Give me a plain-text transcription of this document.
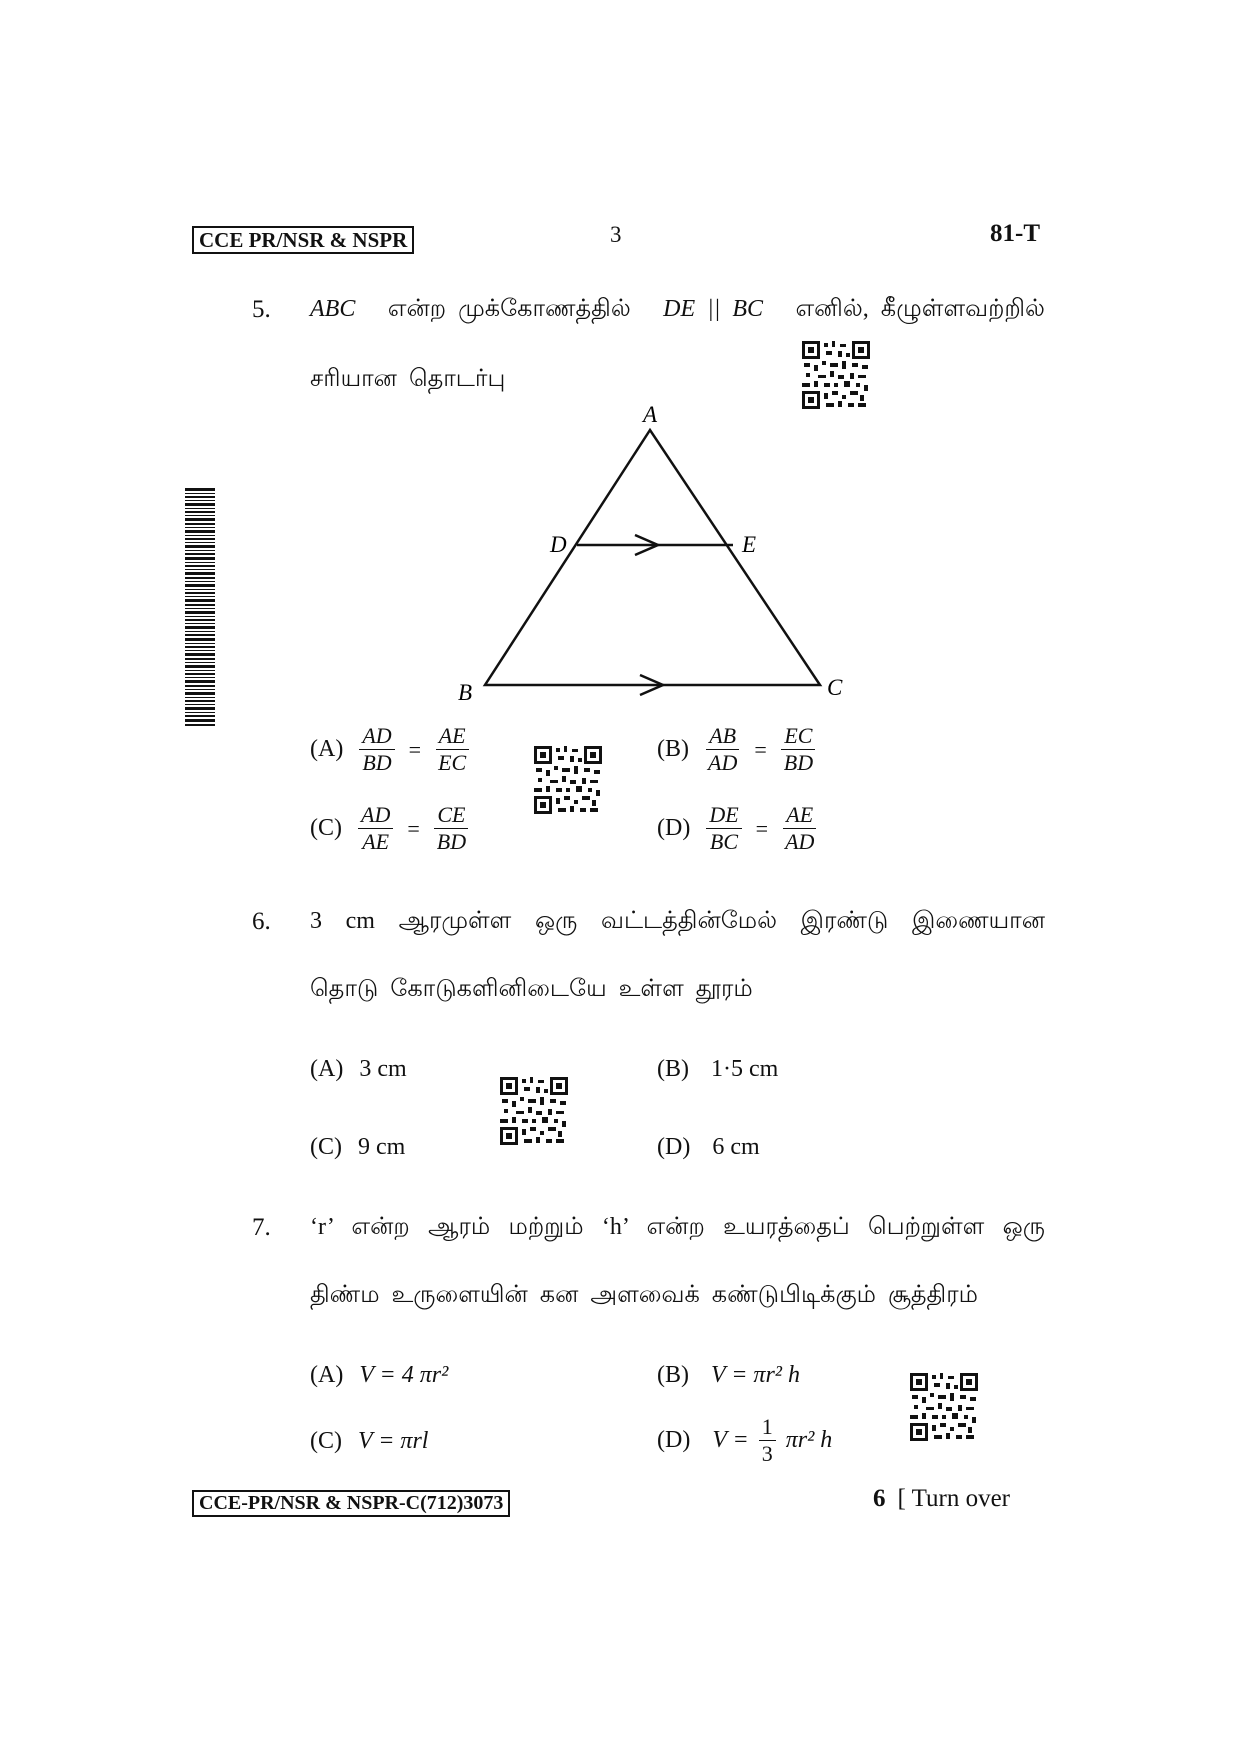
CCE PR/NSR & NSPR	3	81-T
5. ABC என்ற முக்கோணத்தில் DE || BC எனில், கீழுள்ளவற்றில்
சரியான தொடர்பு
A
D	E
B	C
$(A) \frac{AD}{BD} = \frac{AE}{EC}$	$(B) \frac{AB}{AD} = \frac{EC}{BD}$
$(C) \frac{AD}{AE} = \frac{CE}{BD}$	$(D) \frac{DE}{BC} = \frac{AE}{AD}$
6. 3 cm ஆரமுள்ள ஒரு வட்டத்தின்மேல் இரண்டு இணையான
தொடு கோடுகளினிடையே உள்ள தூரம்
(A) 3 cm	(B) 1·5 cm
(C) 9 cm	(D) 6 cm
7. ‘r’ என்ற ஆரம் மற்றும் ‘h’ என்ற உயரத்தைப் பெற்றுள்ள ஒரு
திண்ம உருளையின் கன அளவைக் கண்டுபிடிக்கும் சூத்திரம்
(A) V = 4 πr²	(B) V = πr² h
(C) V = πrl	(D) $V = \frac{1}{3} \pi r^2$ h
CCE-PR/NSR & NSPR-C(712)3073	6 [ Turn over
